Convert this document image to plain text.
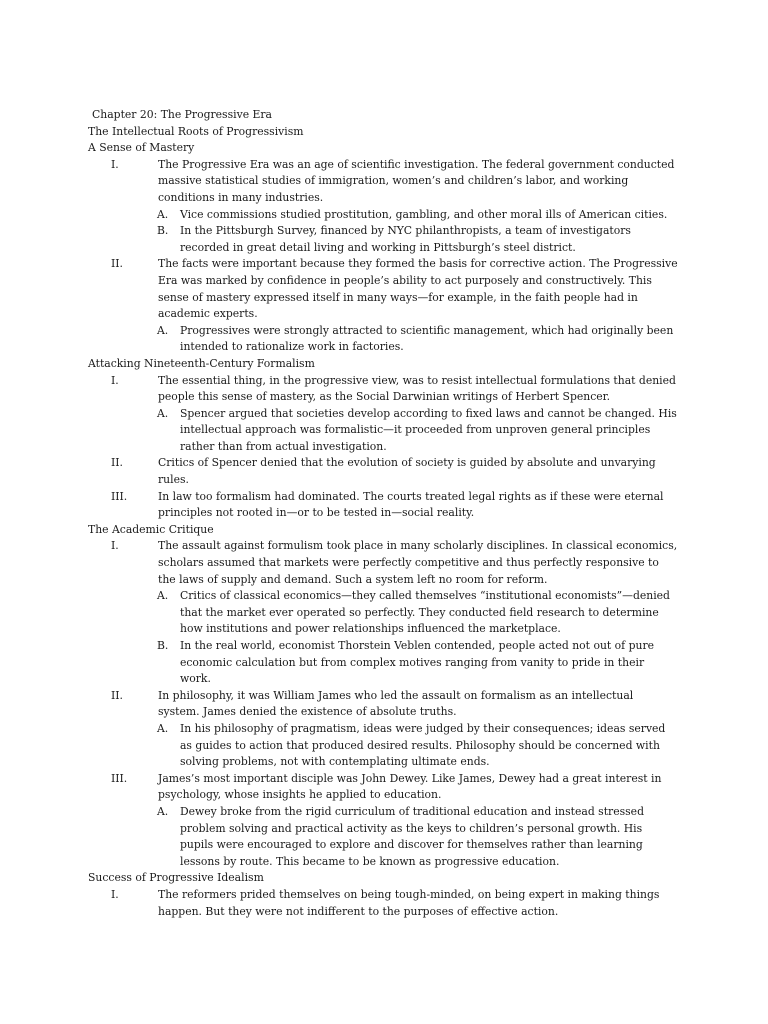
Chapter 20: The Progressive Era
The Intellectual Roots of Progressivism
A Sense of Mastery
I.	The Progressive Era was an age of scientific investigation. The federal government conducted massive statistical studies of immigration, women’s and children’s labor, and working conditions in many industries.
A. Vice commissions studied prostitution, gambling, and other moral ills of American cities.
B. In the Pittsburgh Survey, financed by NYC philanthropists, a team of investigators recorded in great detail living and working in Pittsburgh’s steel district.
II.	The facts were important because they formed the basis for corrective action. The Progressive Era was marked by confidence in people’s ability to act purposely and constructively. This sense of mastery expressed itself in many ways—for example, in the faith people had in academic experts.
A. Progressives were strongly attracted to scientific management, which had originally been intended to rationalize work in factories.
Attacking Nineteenth-Century Formalism
I.	The essential thing, in the progressive view, was to resist intellectual formulations that denied people this sense of mastery, as the Social Darwinian writings of Herbert Spencer.
A. Spencer argued that societies develop according to fixed laws and cannot be changed. His intellectual approach was formalistic—it proceeded from unproven general principles rather than from actual investigation.
II.	Critics of Spencer denied that the evolution of society is guided by absolute and unvarying rules.
III.	In law too formalism had dominated. The courts treated legal rights as if these were eternal principles not rooted in—or to be tested in—social reality.
The Academic Critique
I.	The assault against formulism took place in many scholarly disciplines. In classical economics, scholars assumed that markets were perfectly competitive and thus perfectly responsive to the laws of supply and demand. Such a system left no room for reform.
A. Critics of classical economics—they called themselves “institutional economists”—denied that the market ever operated so perfectly. They conducted field research to determine how institutions and power relationships influenced the marketplace.
B. In the real world, economist Thorstein Veblen contended, people acted not out of pure economic calculation but from complex motives ranging from vanity to pride in their work.
II.	In philosophy, it was William James who led the assault on formalism as an intellectual system. James denied the existence of absolute truths.
A. In his philosophy of pragmatism, ideas were judged by their consequences; ideas served as guides to action that produced desired results. Philosophy should be concerned with solving problems, not with contemplating ultimate ends.
III.	James’s most important disciple was John Dewey. Like James, Dewey had a great interest in psychology, whose insights he applied to education.
A. Dewey broke from the rigid curriculum of traditional education and instead stressed problem solving and practical activity as the keys to children’s personal growth. His pupils were encouraged to explore and discover for themselves rather than learning lessons by route. This became to be known as progressive education.
Success of Progressive Idealism
I.	The reformers prided themselves on being tough-minded, on being expert in making things happen. But they were not indifferent to the purposes of effective action.
